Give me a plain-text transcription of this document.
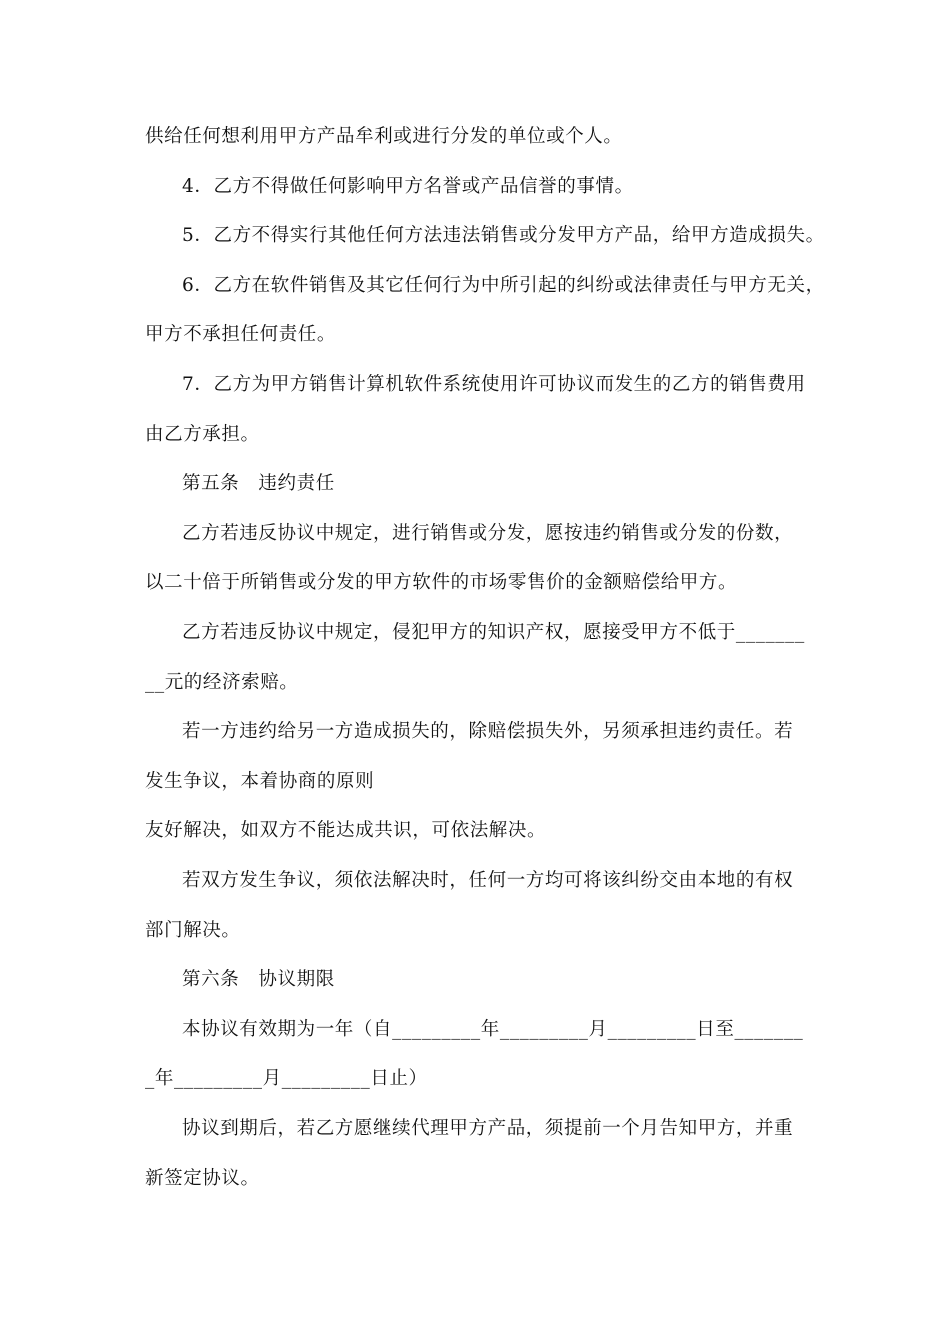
供给任何想利用甲方产品牟利或进行分发的单位或个人。
4．乙方不得做任何影响甲方名誉或产品信誉的事情。
5．乙方不得实行其他任何方法违法销售或分发甲方产品，给甲方造成损失。
6．乙方在软件销售及其它任何行为中所引起的纠纷或法律责任与甲方无关，
甲方不承担任何责任。
7．乙方为甲方销售计算机软件系统使用许可协议而发生的乙方的销售费用
由乙方承担。
第五条　违约责任
乙方若违反协议中规定，进行销售或分发，愿按违约销售或分发的份数，
以二十倍于所销售或分发的甲方软件的市场零售价的金额赔偿给甲方。
乙方若违反协议中规定，侵犯甲方的知识产权，愿接受甲方不低于_______
__元的经济索赔。
若一方违约给另一方造成损失的，除赔偿损失外，另须承担违约责任。若
发生争议，本着协商的原则
友好解决，如双方不能达成共识，可依法解决。
若双方发生争议，须依法解决时，任何一方均可将该纠纷交由本地的有权
部门解决。
第六条　协议期限
本协议有效期为一年（自_________年_________月_________日至_______
_年_________月_________日止）
协议到期后，若乙方愿继续代理甲方产品，须提前一个月告知甲方，并重
新签定协议。
